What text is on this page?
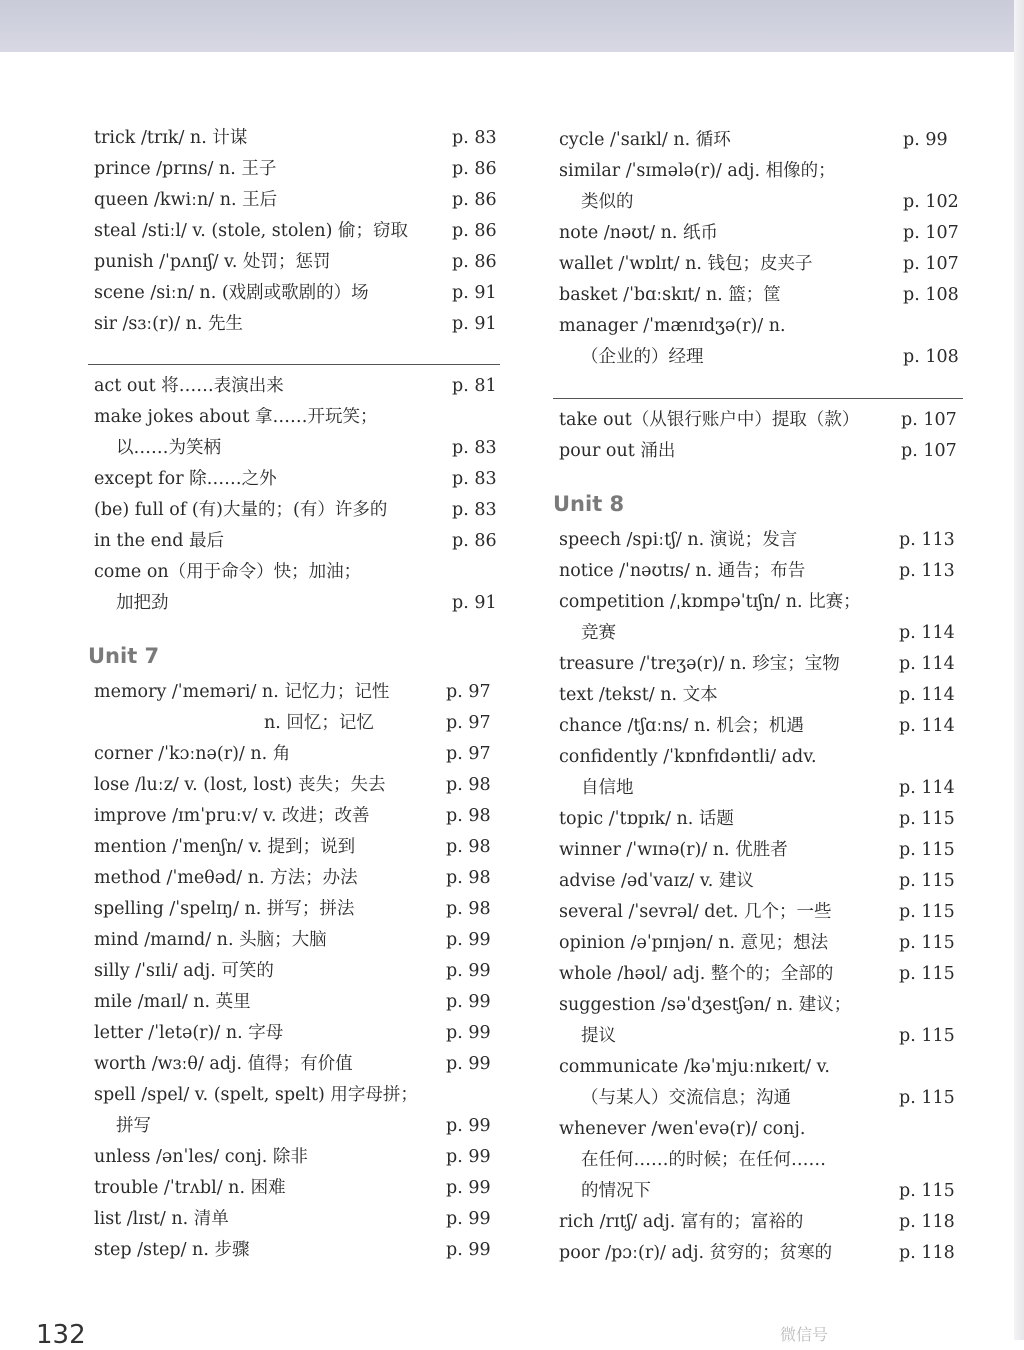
trick /trɪk/ n. 计谋	p. 83
prince /prɪns/ n. 王子	p. 86
queen /kwiːn/ n. 王后	p. 86
steal /stiːl/ v. (stole, stolen) 偷；窃取	p. 86
punish /ˈpʌnɪʃ/ v. 处罚；惩罚	p. 86
scene /siːn/ n. (戏剧或歌剧的）场	p. 91
sir /sɜː(r)/ n. 先生	p. 91
act out 将……表演出来	p. 81
make jokes about 拿……开玩笑；
以……为笑柄	p. 83
except for 除……之外	p. 83
(be) full of (有)大量的；(有）许多的	p. 83
in the end 最后	p. 86
come on（用于命令）快；加油；
加把劲	p. 91
Unit 7
memory /ˈmeməri/ n. 记忆力；记性	p. 97
n. 回忆；记忆	p. 97
corner /ˈkɔːnə(r)/ n. 角	p. 97
lose /luːz/ v. (lost, lost) 丧失；失去	p. 98
improve /ɪmˈpruːv/ v. 改进；改善	p. 98
mention /ˈmenʃn/ v. 提到；说到	p. 98
method /ˈmeθəd/ n. 方法；办法	p. 98
spelling /ˈspelɪŋ/ n. 拼写；拼法	p. 98
mind /maɪnd/ n. 头脑；大脑	p. 99
silly /ˈsɪli/ adj. 可笑的	p. 99
mile /maɪl/ n. 英里	p. 99
letter /ˈletə(r)/ n. 字母	p. 99
worth /wɜːθ/ adj. 值得；有价值	p. 99
spell /spel/ v. (spelt, spelt) 用字母拼；
拼写	p. 99
unless /ənˈles/ conj. 除非	p. 99
trouble /ˈtrʌbl/ n. 困难	p. 99
list /lɪst/ n. 清单	p. 99
step /step/ n. 步骤	p. 99
cycle /ˈsaɪkl/ n. 循环	p. 99
similar /ˈsɪmələ(r)/ adj. 相像的；
类似的	p. 102
note /nəʊt/ n. 纸币	p. 107
wallet /ˈwɒlɪt/ n. 钱包；皮夹子	p. 107
basket /ˈbɑːskɪt/ n. 篮；筐	p. 108
manager /ˈmænɪdʒə(r)/ n.
（企业的）经理	p. 108
take out（从银行账户中）提取（款） p. 107
pour out 涌出	p. 107
Unit 8
speech /spiːtʃ/ n. 演说；发言	p. 113
notice /ˈnəʊtɪs/ n. 通告；布告	p. 113
competition /ˌkɒmpəˈtɪʃn/ n. 比赛；
竞赛	p. 114
treasure /ˈtreʒə(r)/ n. 珍宝；宝物	p. 114
text /tekst/ n. 文本	p. 114
chance /tʃɑːns/ n. 机会；机遇	p. 114
confidently /ˈkɒnfɪdəntli/ adv.
自信地	p. 114
topic /ˈtɒpɪk/ n. 话题	p. 115
winner /ˈwɪnə(r)/ n. 优胜者	p. 115
advise /ədˈvaɪz/ v. 建议	p. 115
several /ˈsevrəl/ det. 几个；一些	p. 115
opinion /əˈpɪnjən/ n. 意见；想法	p. 115
whole /həʊl/ adj. 整个的；全部的	p. 115
suggestion /səˈdʒestʃən/ n. 建议；
提议	p. 115
communicate /kəˈmjuːnɪkeɪt/ v.
（与某人）交流信息；沟通	p. 115
whenever /wenˈevə(r)/ conj.
在任何……的时候；在任何……
的情况下	p. 115
rich /rɪtʃ/ adj. 富有的；富裕的	p. 118
poor /pɔː(r)/ adj. 贫穷的；贫寒的	p. 118
132	微信号
